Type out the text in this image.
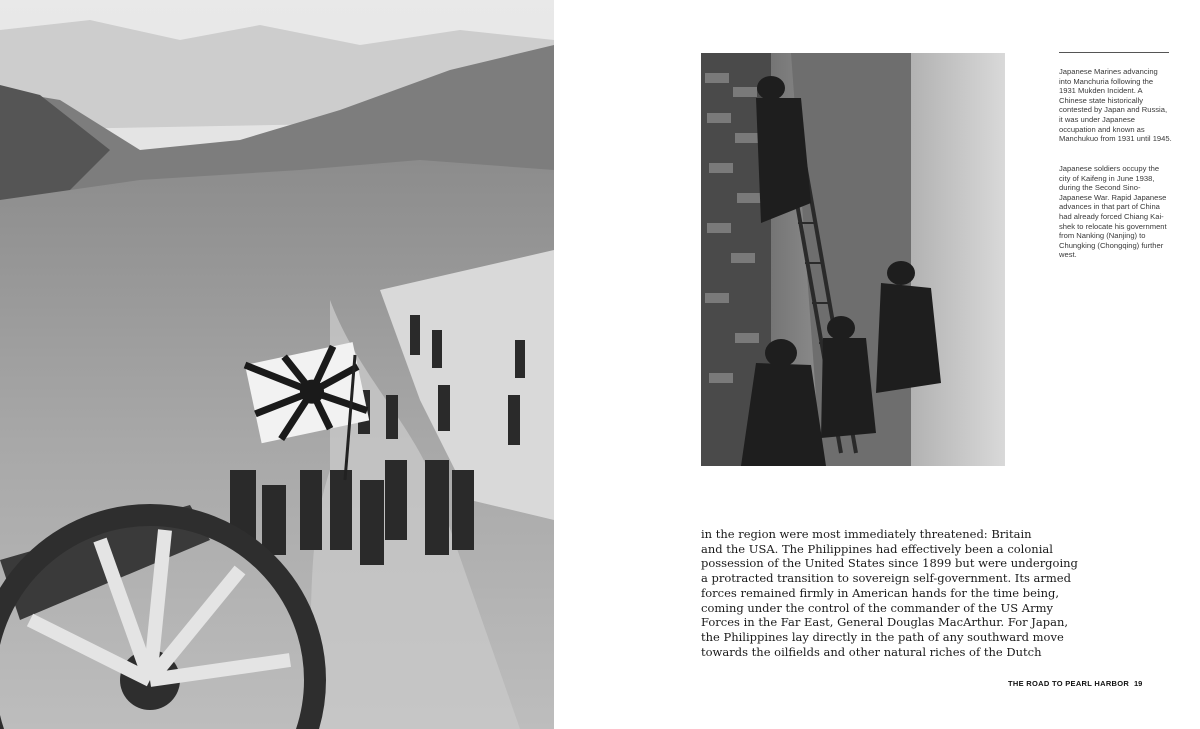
Japanese Marines advancing into Manchuria following the 1931 Mukden Incident. A Chinese state historically contested by Japan and Russia, it was under Japanese occupation and known as Manchukuo from 1931 until 1945.
Japanese soldiers occupy the city of Kaifeng in June 1938, during the Second Sino-Japanese War. Rapid Japanese advances in that part of China had already forced Chiang Kai-shek to relocate his government from Nanking (Nanjing) to Chungking (Chongqing) further west.
in the region were most immediately threatened: Britain
and the USA. The Philippines had effectively been a colonial
possession of the United States since 1899 but were undergoing
a protracted transition to sovereign self-government. Its armed
forces remained firmly in American hands for the time being,
coming under the control of the commander of the US Army
Forces in the Far East, General Douglas MacArthur. For Japan,
the Philippines lay directly in the path of any southward move
towards the oilfields and other natural riches of the Dutch
THE ROAD TO PEARL HARBOR 19
